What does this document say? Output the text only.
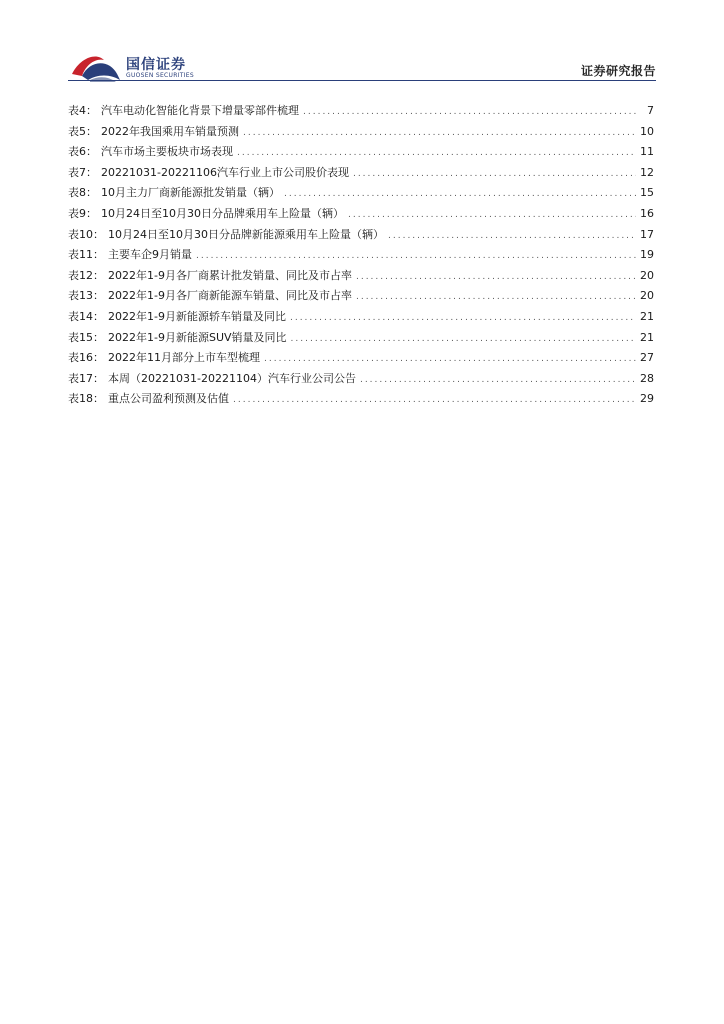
国信证券
GUOSEN SECURITIES	证券研究报告
表4： 汽车电动化智能化背景下增量零部件梳理 .....	7
表5： 2022年我国乘用车销量预测 .....	10
表6： 汽车市场主要板块市场表现 .....	11
表7： 20221031-20221106汽车行业上市公司股价表现 .....	12
表8： 10月主力厂商新能源批发销量（辆） .....	15
表9： 10月24日至10月30日分品牌乘用车上险量（辆） .....	16
表10： 10月24日至10月30日分品牌新能源乘用车上险量（辆） .....	17
表11： 主要车企9月销量 .....	19
表12： 2022年1-9月各厂商累计批发销量、同比及市占率 .....	20
表13： 2022年1-9月各厂商新能源车销量、同比及市占率 .....	20
表14： 2022年1-9月新能源轿车销量及同比 .....	21
表15： 2022年1-9月新能源SUV销量及同比 .....	21
表16： 2022年11月部分上市车型梳理 .....	27
表17： 本周（20221031-20221104）汽车行业公司公告 .....	28
表18： 重点公司盈利预测及估值 .....	29
